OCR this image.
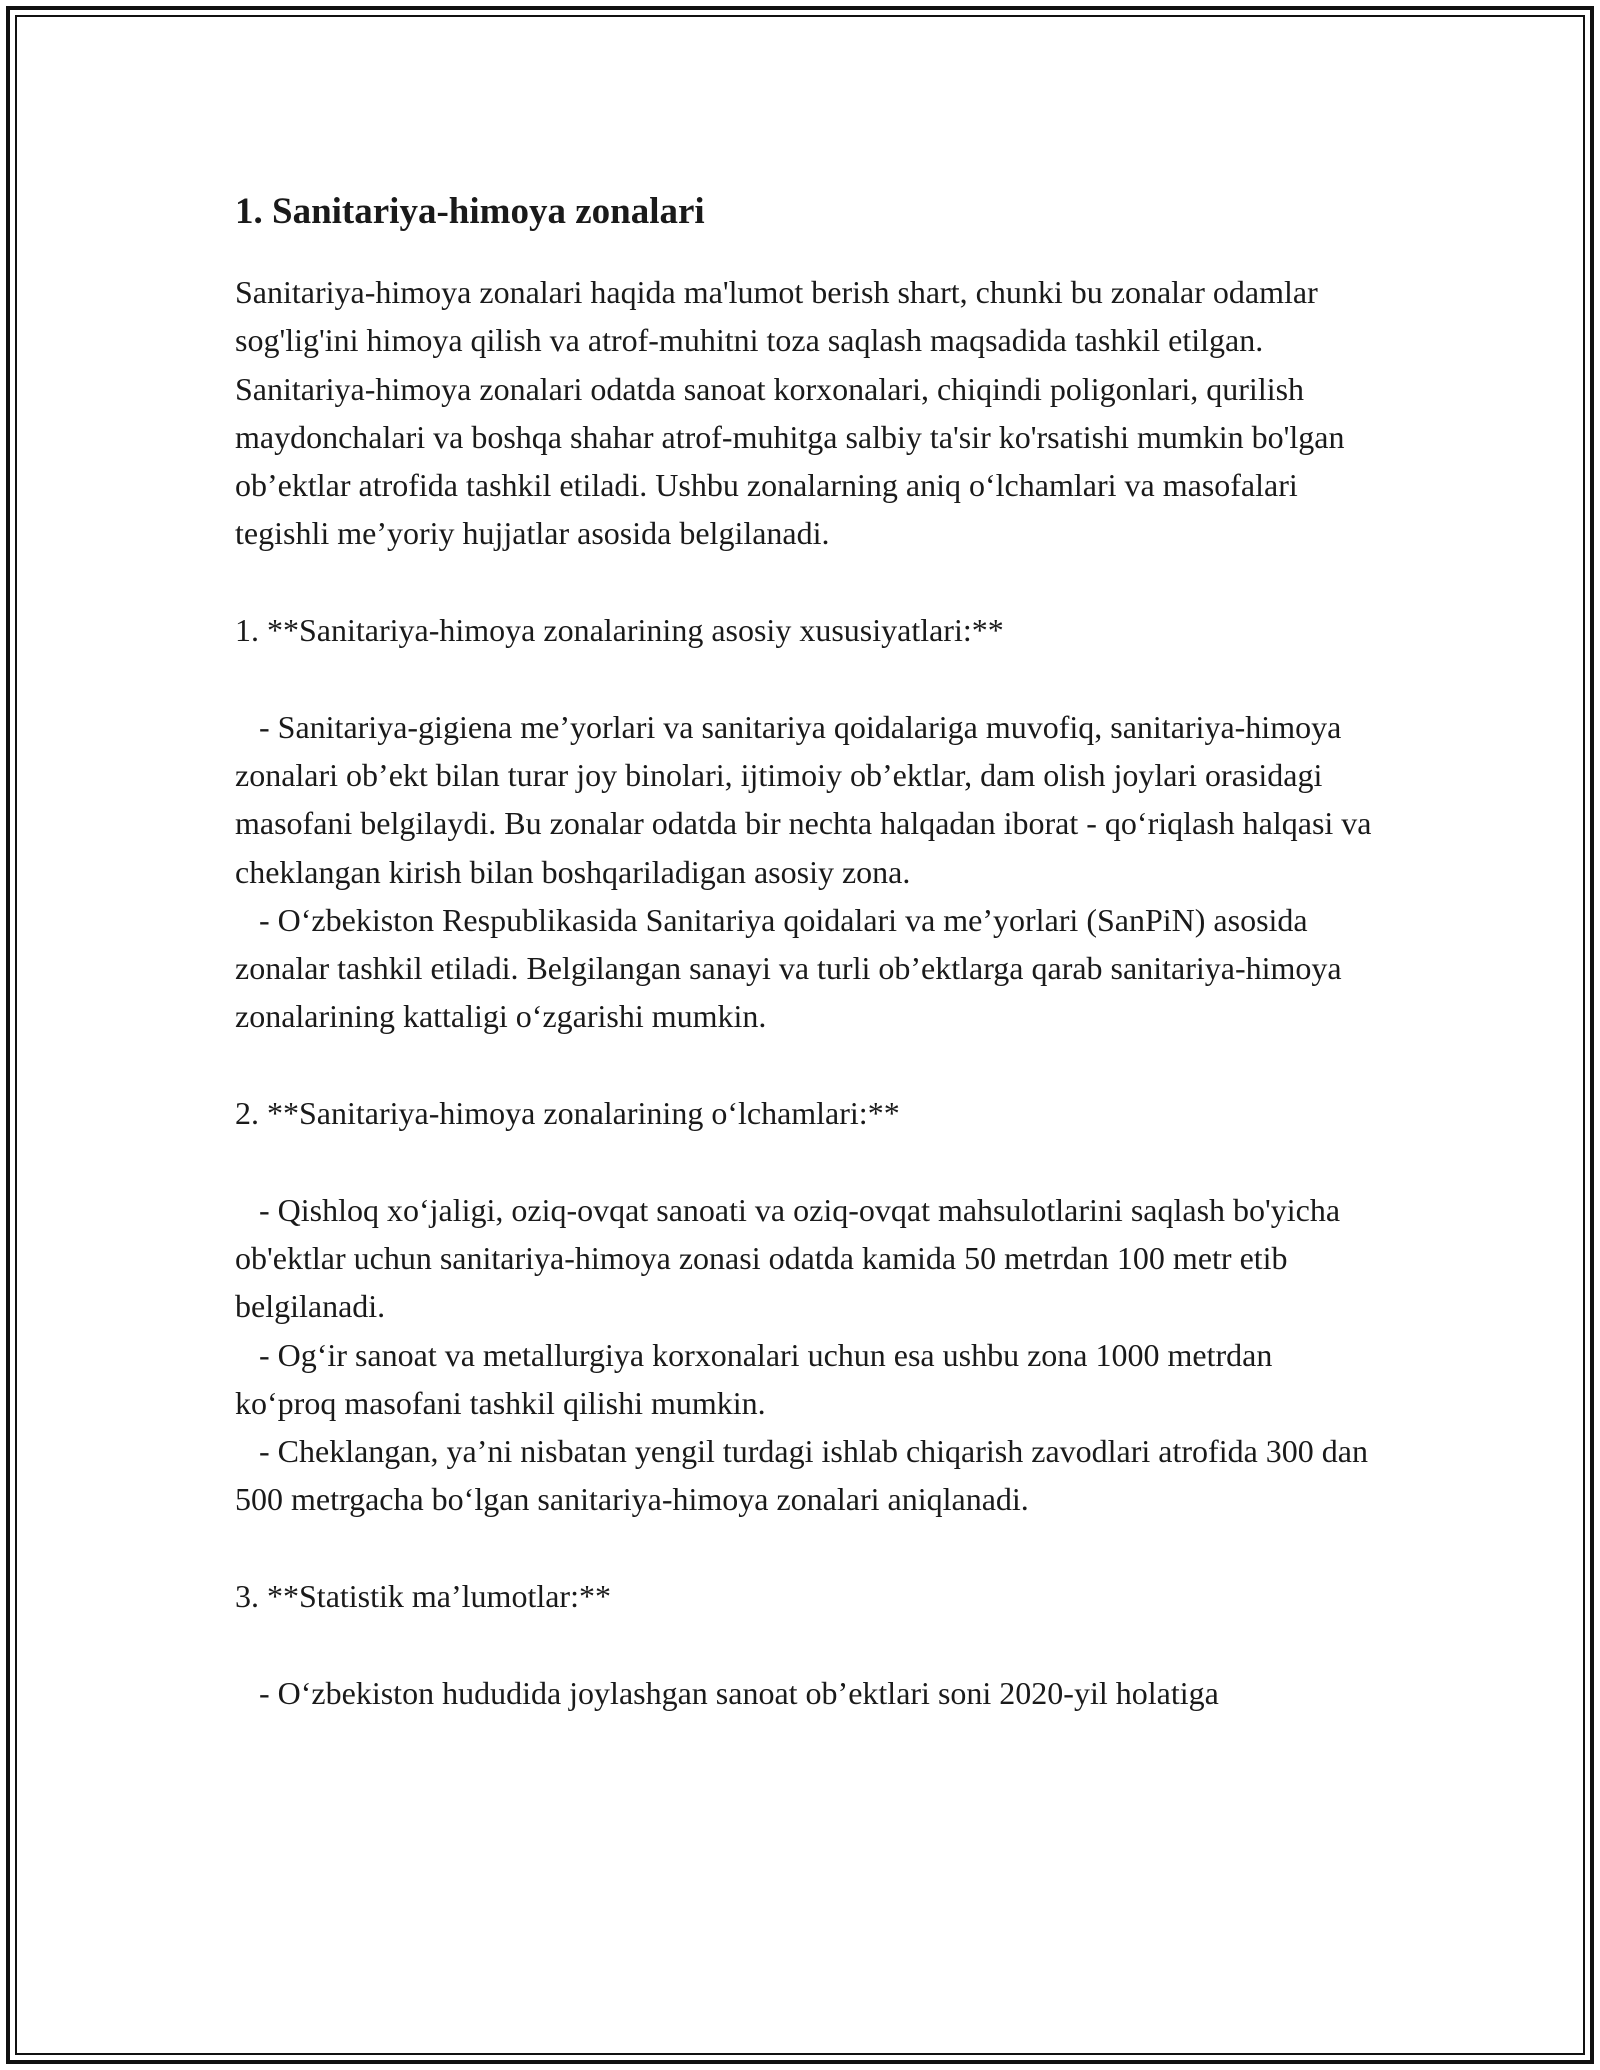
1. Sanitariya-himoya zonalari

Sanitariya-himoya zonalari haqida ma'lumot berish shart, chunki bu zonalar odamlar sog'lig'ini himoya qilish va atrof-muhitni toza saqlash maqsadida tashkil etilgan. Sanitariya-himoya zonalari odatda sanoat korxonalari, chiqindi poligonlari, qurilish maydonchalari va boshqa shahar atrof-muhitga salbiy ta'sir ko'rsatishi mumkin bo'lgan ob’ektlar atrofida tashkil etiladi. Ushbu zonalarning aniq o‘lchamlari va masofalari tegishli me’yoriy hujjatlar asosida belgilanadi.

1. **Sanitariya-himoya zonalarining asosiy xususiyatlari:**

- Sanitariya-gigiena me’yorlari va sanitariya qoidalariga muvofiq, sanitariya-himoya zonalari ob’ekt bilan turar joy binolari, ijtimoiy ob’ektlar, dam olish joylari orasidagi masofani belgilaydi. Bu zonalar odatda bir nechta halqadan iborat - qo‘riqlash halqasi va cheklangan kirish bilan boshqariladigan asosiy zona.

- O‘zbekiston Respublikasida Sanitariya qoidalari va me’yorlari (SanPiN) asosida zonalar tashkil etiladi. Belgilangan sanayi va turli ob’ektlarga qarab sanitariya-himoya zonalarining kattaligi o‘zgarishi mumkin.

2. **Sanitariya-himoya zonalarining o‘lchamlari:**

- Qishloq xo‘jaligi, oziq-ovqat sanoati va oziq-ovqat mahsulotlarini saqlash bo'yicha ob'ektlar uchun sanitariya-himoya zonasi odatda kamida 50 metrdan 100 metr etib belgilanadi.

- Og‘ir sanoat va metallurgiya korxonalari uchun esa ushbu zona 1000 metrdan ko‘proq masofani tashkil qilishi mumkin.

- Cheklangan, ya’ni nisbatan yengil turdagi ishlab chiqarish zavodlari atrofida 300 dan 500 metrgacha bo‘lgan sanitariya-himoya zonalari aniqlanadi.

3. **Statistik ma’lumotlar:**

- O‘zbekiston hududida joylashgan sanoat ob’ektlari soni 2020-yil holatiga
